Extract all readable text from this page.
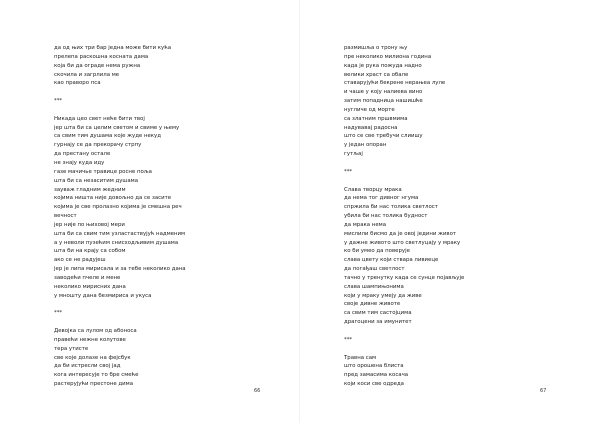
да од њих три бар једна може бити кућа
прелепа раскошна косната дама
која би да ограде нема ружна
скочила и загрлила ме
као праворо пса
***
Никада цео свет неће бити твој
јер шта би са целим светом и свиме у њему
са свим тим душама које жуде некуд
гурнају се да прекорачу стрпу
да престану остале
не знају куда иду
газе мачичье травице росне поља
шта би са незаситим душама
зауваж гладним жедним
којима ништа није довољно да се засите
којима је све пролазно којима је смешна реч
вечност
јер није по њиховој мери
шта би са свим тим узластаствујућ надменим
а у неволи пузећим снисходљивим душама
шта би на крају са собом
ако се не радујеш
јер је липа мирисала и за тебе неколико дана
заводећи пчеле и мене
неколико мирисних дана
у мношту дана безмириса и укуса
***
Девојка са лулом од абоноса
правећи нежне колутове
тера утисте
све које долазе на фејсбук
да би истресли свој јад
кога интересује то бре смеће
растерујући престоне дима
66
размишља о трону њу
пре неколико милиона година
када је рука пожуда надно
велики храст са обале
ставарујући бекрене нерањеа луле
и чаше у коју налиева вино
затим попадница нашишће
нугличе од морте
са злaтним пршвмима
надувавај радосна
што се све требучи слиишу
у један опоран
гутљај
***
Слава творцу мрака
да нема тог дивног нгума
спржила би нас толика светлост
убила би нас толика будност
да мрака нема
мислили бисмо да је овој једини живот
у дажне живото што светлуцају у мраку
ко би умео да поверује
слава цвету који ствара ливиеце
да погађаш светлост
тачно у тренутку када се сунце појављује
слава шампињонима
који у мраку умеју да живе
своје дивне животе
са свим тим састојцима
драгоцени за имунитет
***
Травна сам
што орошена блиста
пред замасима косача
који коси све одреда
67
